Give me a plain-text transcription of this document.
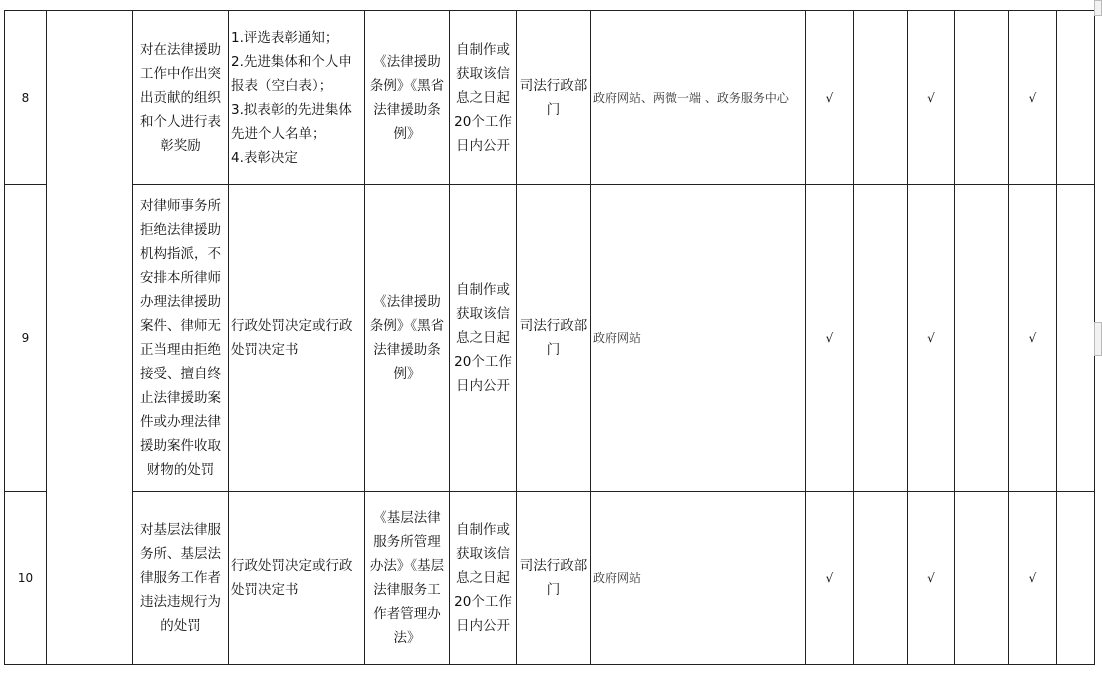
8		对在法律援助工作中作出突出贡献的组织和个人进行表彰奖励	1.评选表彰通知；
2.先进集体和个人申报表（空白表）；
3.拟表彰的先进集体先进个人名单；
4.表彰决定	《法律援助条例》《黑省法律援助条例》	自制作或获取该信息之日起20个工作日内公开	司法行政部门	政府网站、两微一端 、政务服务中心	√		√		√	
9		对律师事务所拒绝法律援助机构指派，不安排本所律师办理法律援助案件、律师无正当理由拒绝接受、擅自终止法律援助案件或办理法律援助案件收取财物的处罚	行政处罚决定或行政处罚决定书	《法律援助条例》《黑省法律援助条例》	自制作或获取该信息之日起20个工作日内公开	司法行政部门	政府网站	√		√		√	
10		对基层法律服务所、基层法律服务工作者违法违规行为的处罚	行政处罚决定或行政处罚决定书	《基层法律服务所管理办法》《基层法律服务工作者管理办法》	自制作或获取该信息之日起20个工作日内公开	司法行政部门	政府网站	√		√		√	
